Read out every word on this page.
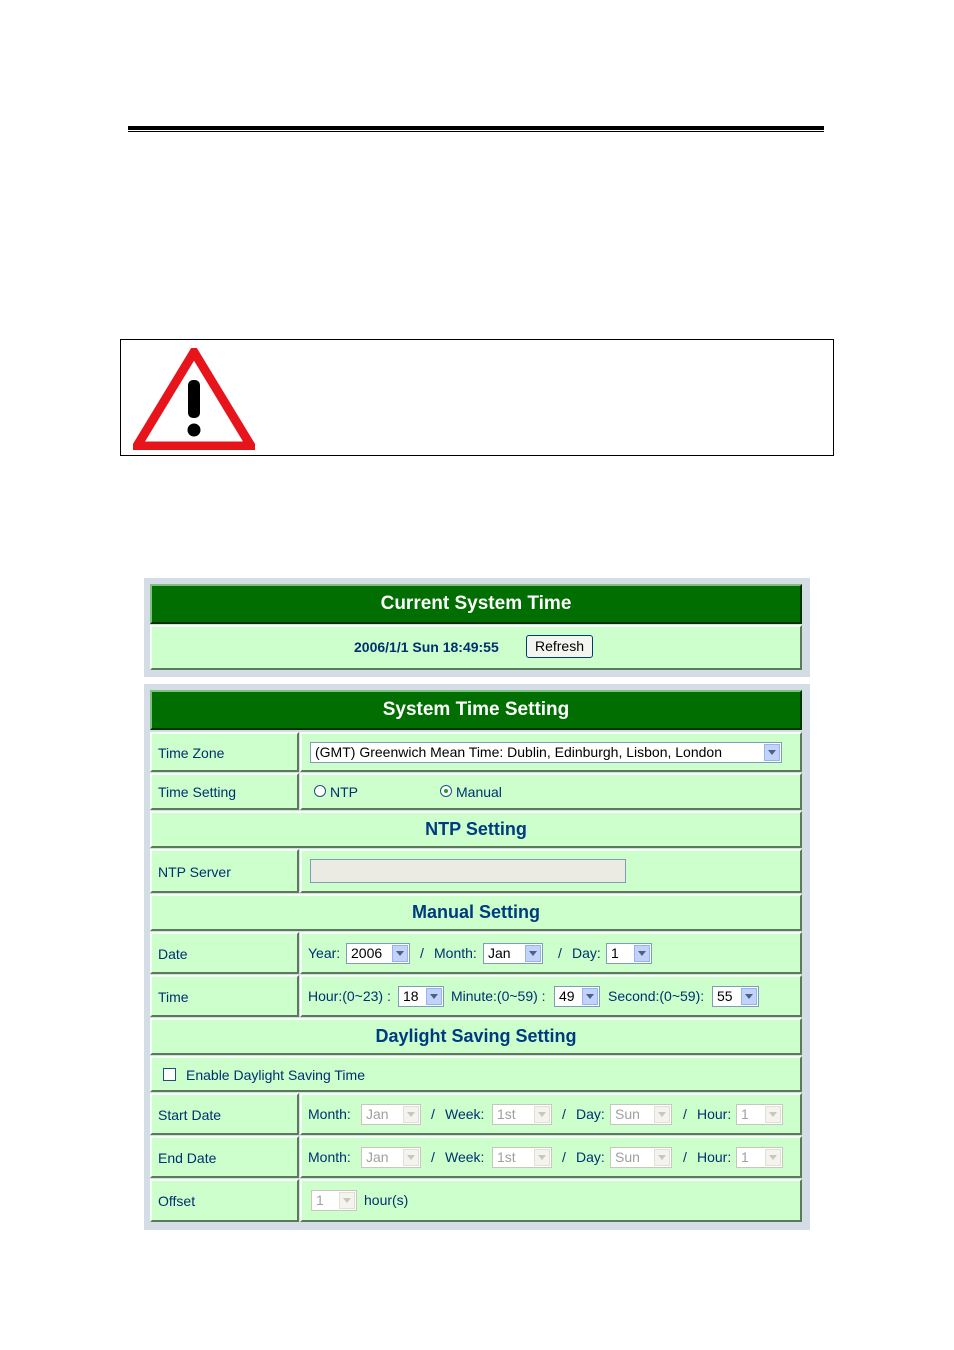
Current System Time
2006/1/1 Sun 18:49:55	Refresh
System Time Setting
Time Zone	(GMT) Greenwich Mean Time: Dublin, Edinburgh, Lisbon, London
Time Setting	NTP	Manual
NTP Setting
NTP Server
Manual Setting
Date	Year: 2006	/ Month: Jan	/ Day: 1
Time	Hour:(0~23) : 18	Minute:(0~59) : 49	Second:(0~59): 55
Daylight Saving Setting
Enable Daylight Saving Time
Start Date	Month:	Jan	/ Week: 1st	/ Day: Sun	/ Hour: 1
End Date	Month:	Jan	/ Week: 1st	/ Day: Sun	/ Hour: 1
Offset	1	hour(s)
